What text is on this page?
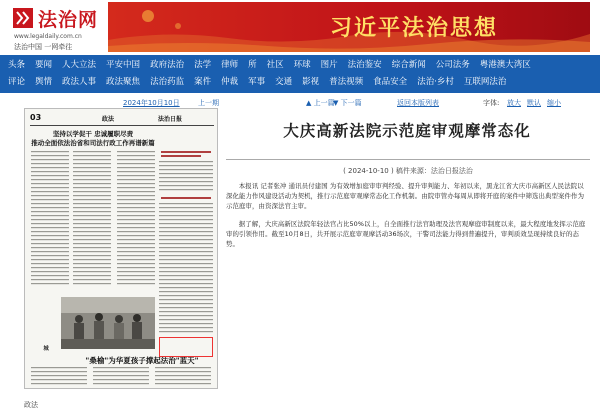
法治网
www.legaldaily.com.cn
法治中国 一网牵往
习近平法治思想
头条	要闻	人大立法	平安中国	政府法治	法学	律师	所	社区	环球	图片	法治鉴安	综合新闻	公司法务	粤港澳大湾区
评论	舆情	政法人事	政法聚焦	法治药监	案件	仲裁	军事	交通	影视	普法视频	食品安全	法治·乡村	互联网法治
2024年10月10日	上一期	▲ 上一篇
▼ 下一篇	返回本版列表	字体: 放大 默认 缩小
03	政法	法治日报
坚持以学促干 忠诚履职尽责
推动全面依法治省和司法行政工作再谱新篇
城
"桑榆"为华夏孩子撑起法治"蓝天"
大庆高新法院示范庭审观摩常态化
( 2024-10-10 ) 稿件来源：法治日报法治

本报讯 记者张冲 通讯员付建国 为有效增加庭审审判经验、提升审判能力、年初以来，黑龙江省大庆市高新区人民法院以深化能力作风建设活动为契机，推行示范庭审观摩常态化工作机制。由院审管办每周从即将开庭的案件中筛选出典型案件作为示范庭审，由资深法官主审。

据了解，大庆高新区法院年轻法官占比50%以上，自全面推行法官助理及法官观摩庭审制度以来，最大程度地发挥示范庭审的引领作用。截至10月8日，共开展示范庭审观摩活动36场次，干警司法能力得到普遍提升，审判质效呈现持续良好的态势。

政法
